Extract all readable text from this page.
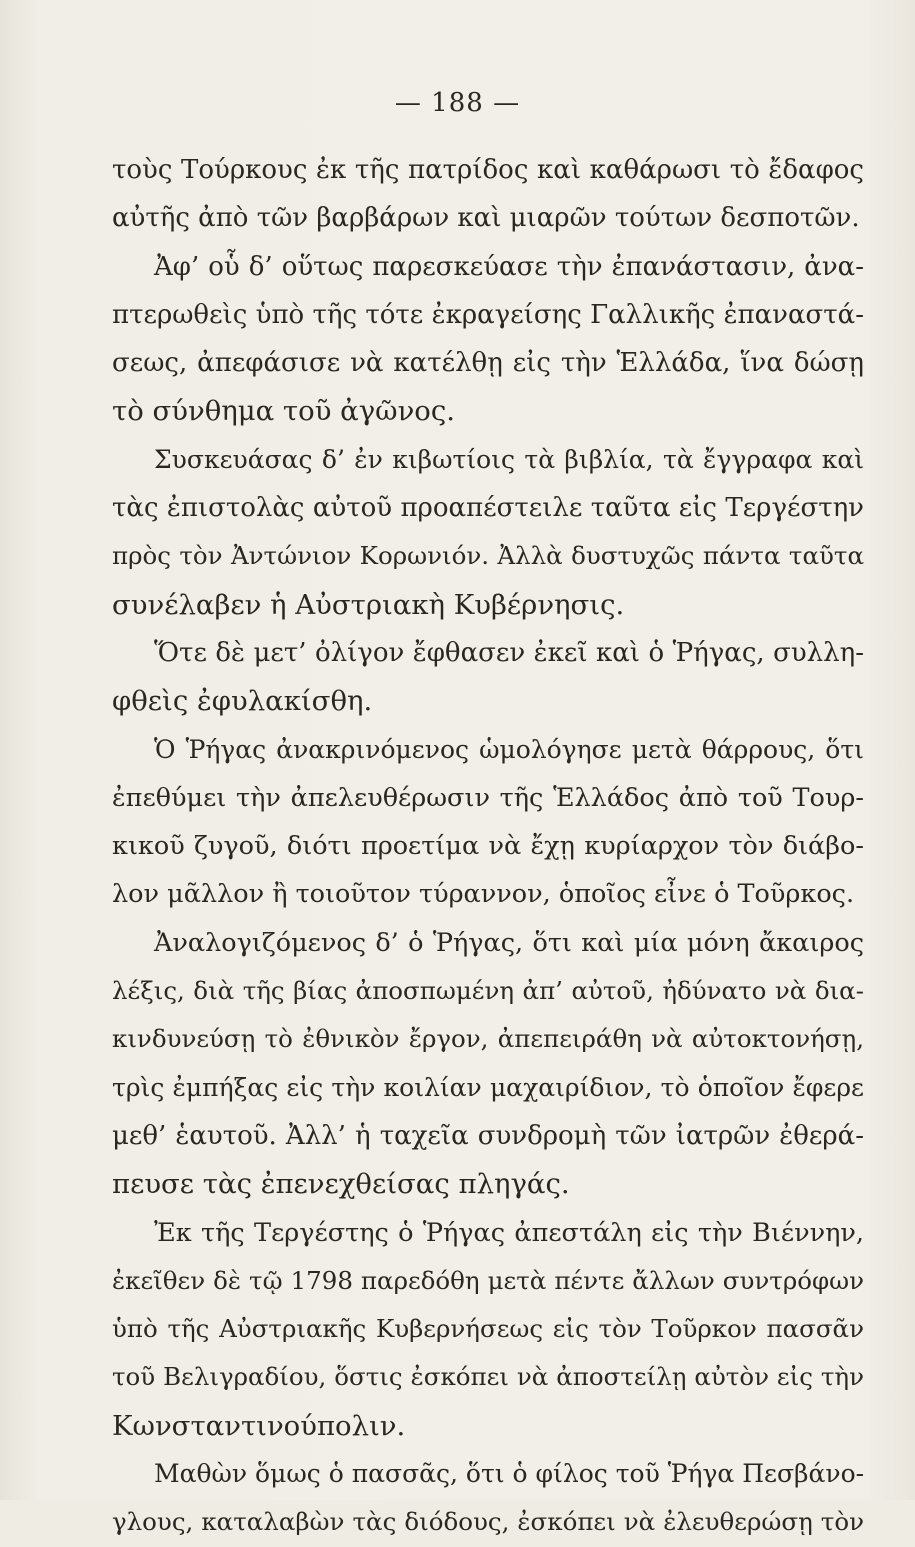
— 188 —
τοὺς Τούρκους ἐκ τῆς πατρίδος καὶ καθάρωσι τὸ ἔδαφος
αὐτῆς ἀπὸ τῶν βαρβάρων καὶ μιαρῶν τούτων δεσποτῶν.
Ἀφ’ οὗ δ’ οὕτως παρεσκεύασε τὴν ἐπανάστασιν, ἀνα-
πτερωθεὶς ὑπὸ τῆς τότε ἐκραγείσης Γαλλικῆς ἐπαναστά-
σεως, ἀπεφάσισε νὰ κατέλθῃ εἰς τὴν Ἑλλάδα, ἵνα δώσῃ
τὸ σύνθημα τοῦ ἀγῶνος.
Συσκευάσας δ’ ἐν κιβωτίοις τὰ βιβλία, τὰ ἔγγραφα καὶ
τὰς ἐπιστολὰς αὐτοῦ προαπέστειλε ταῦτα εἰς Τεργέστην
πρὸς τὸν Ἀντώνιον Κορωνιόν. Ἀλλὰ δυστυχῶς πάντα ταῦτα
συνέλαβεν ἡ Αὐστριακὴ Κυβέρνησις.
Ὅτε δὲ μετ’ ὀλίγον ἔφθασεν ἐκεῖ καὶ ὁ Ῥήγας, συλλη-
φθεὶς ἐφυλακίσθη.
Ὁ Ῥήγας ἀνακρινόμενος ὡμολόγησε μετὰ θάρρους, ὅτι
ἐπεθύμει τὴν ἀπελευθέρωσιν τῆς Ἑλλάδος ἀπὸ τοῦ Τουρ-
κικοῦ ζυγοῦ, διότι προετίμα νὰ ἔχῃ κυρίαρχον τὸν διάβο-
λον μᾶλλον ἢ τοιοῦτον τύραννον, ὁποῖος εἶνε ὁ Τοῦρκος.
Ἀναλογιζόμενος δ’ ὁ Ῥήγας, ὅτι καὶ μία μόνη ἄκαιρος
λέξις, διὰ τῆς βίας ἀποσπωμένη ἀπ’ αὐτοῦ, ἠδύνατο νὰ δια-
κινδυνεύσῃ τὸ ἐθνικὸν ἔργον, ἀπεπειράθη νὰ αὐτοκτονήσῃ,
τρὶς ἐμπήξας εἰς τὴν κοιλίαν μαχαιρίδιον, τὸ ὁποῖον ἔφερε
μεθ’ ἑαυτοῦ. Ἀλλ’ ἡ ταχεῖα συνδρομὴ τῶν ἰατρῶν ἐθερά-
πευσε τὰς ἐπενεχθείσας πληγάς.
Ἐκ τῆς Τεργέστης ὁ Ῥήγας ἀπεστάλη εἰς τὴν Βιέννην,
ἐκεῖθεν δὲ τῷ 1798 παρεδόθη μετὰ πέντε ἄλλων συντρόφων
ὑπὸ τῆς Αὐστριακῆς Κυβερνήσεως εἰς τὸν Τοῦρκον πασσᾶν
τοῦ Βελιγραδίου, ὅστις ἐσκόπει νὰ ἀποστείλῃ αὐτὸν εἰς τὴν
Κωνσταντινούπολιν.
Μαθὼν ὅμως ὁ πασσᾶς, ὅτι ὁ φίλος τοῦ Ῥήγα Πεσβάνο-
γλους, καταλαβὼν τὰς διόδους, ἐσκόπει νὰ ἐλευθερώσῃ τὸν
